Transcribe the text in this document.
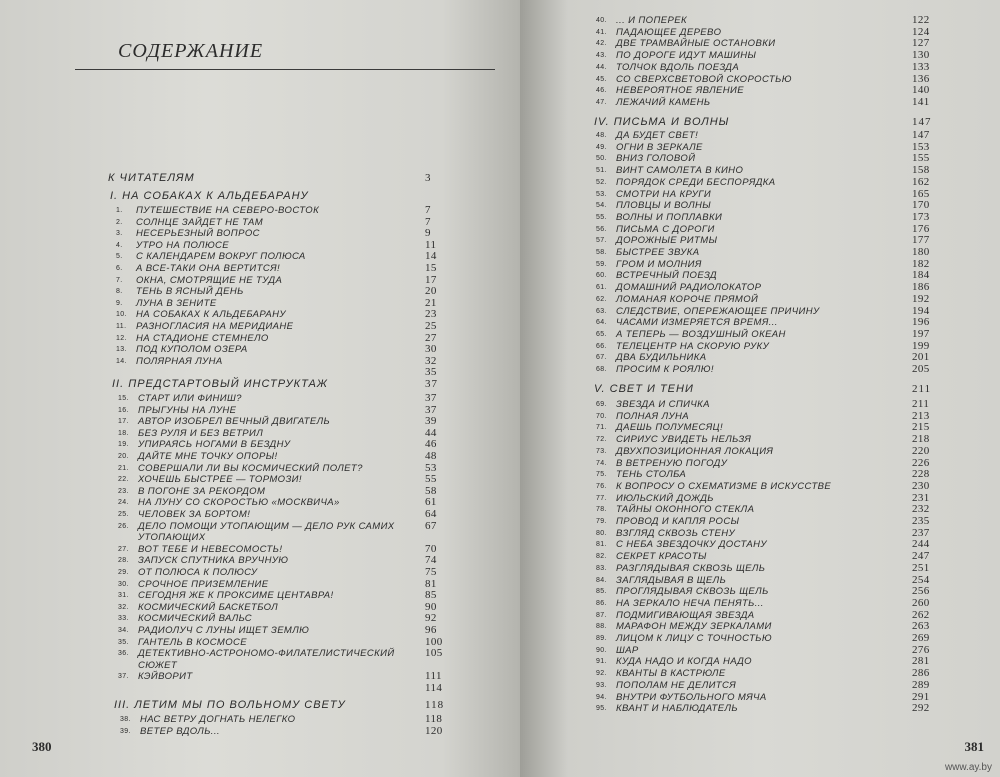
СОДЕРЖАНИЕ
К ЧИТАТЕЛЯМ	3
I. НА СОБАКАХ К АЛЬДЕБАРАНУ
1.	ПУТЕШЕСТВИЕ НА СЕВЕРО-ВОСТОК	7
2.	СОЛНЦЕ ЗАЙДЕТ НЕ ТАМ	7
3.	НЕСЕРЬЕЗНЫЙ ВОПРОС	9
4.	УТРО НА ПОЛЮСЕ	11
5.	С КАЛЕНДАРЕМ ВОКРУГ ПОЛЮСА	14
6.	А ВСЕ-ТАКИ ОНА ВЕРТИТСЯ!	15
7.	ОКНА, СМОТРЯЩИЕ НЕ ТУДА	17
8.	ТЕНЬ В ЯСНЫЙ ДЕНЬ	20
9.	ЛУНА В ЗЕНИТЕ	21
10. НА СОБАКАХ К АЛЬДЕБАРАНУ	23
11.	РАЗНОГЛАСИЯ НА МЕРИДИАНЕ	25
12. НА СТАДИОНЕ СТЕМНЕЛО	27
13. ПОД КУПОЛОМ ОЗЕРА	30
14. ПОЛЯРНАЯ ЛУНА	32
35
II. ПРЕДСТАРТОВЫЙ ИНСТРУКТАЖ	37
15. СТАРТ ИЛИ ФИНИШ?	37
16. ПРЫГУНЫ НА ЛУНЕ	37
17. АВТОР ИЗОБРЕЛ ВЕЧНЫЙ ДВИГАТЕЛЬ	39
18. БЕЗ РУЛЯ И БЕЗ ВЕТРИЛ	44
19. УПИРАЯСЬ НОГАМИ В БЕЗДНУ	46
20. ДАЙТЕ МНЕ ТОЧКУ ОПОРЫ!	48
21. СОВЕРШАЛИ ЛИ ВЫ КОСМИЧЕСКИЙ ПОЛЕТ?	53
22. ХОЧЕШЬ БЫСТРЕЕ — ТОРМОЗИ!	55
23. В ПОГОНЕ ЗА РЕКОРДОМ	58
24. НА ЛУНУ СО СКОРОСТЬЮ «МОСКВИЧА»	61
25. ЧЕЛОВЕК ЗА БОРТОМ!	64
26. ДЕЛО ПОМОЩИ УТОПАЮЩИМ — ДЕЛО РУК САМИХ	67
УТОПАЮЩИХ
27. ВОТ ТЕБЕ И НЕВЕСОМОСТЬ!	70
28. ЗАПУСК СПУТНИКА ВРУЧНУЮ	74
29. ОТ ПОЛЮСА К ПОЛЮСУ	75
30. СРОЧНОЕ ПРИЗЕМЛЕНИЕ	81
31. СЕГОДНЯ ЖЕ К ПРОКСИМЕ ЦЕНТАВРА!	85
32. КОСМИЧЕСКИЙ БАСКЕТБОЛ	90
33. КОСМИЧЕСКИЙ ВАЛЬС	92
34. РАДИОЛУЧ С ЛУНЫ ИЩЕТ ЗЕМЛЮ	96
35. ГАНТЕЛЬ В КОСМОСЕ	100
36. ДЕТЕКТИВНО-АСТРОНОМО-ФИЛАТЕЛИСТИЧЕСКИЙ	105
СЮЖЕТ
37. КЭЙВОРИТ	111
114
III. ЛЕТИМ МЫ ПО ВОЛЬНОМУ СВЕТУ	118
38. НАС ВЕТРУ ДОГНАТЬ НЕЛЕГКО	118
39. ВЕТЕР ВДОЛЬ...	120
380
40. ... И ПОПЕРЕК	122
41. ПАДАЮЩЕЕ ДЕРЕВО	124
42. ДВЕ ТРАМВАЙНЫЕ ОСТАНОВКИ	127
43. ПО ДОРОГЕ ИДУТ МАШИНЫ	130
44. ТОЛЧОК ВДОЛЬ ПОЕЗДА	133
45. СО СВЕРХСВЕТОВОЙ СКОРОСТЬЮ	136
46. НЕВЕРОЯТНОЕ ЯВЛЕНИЕ	140
47. ЛЕЖАЧИЙ КАМЕНЬ	141
IV. ПИСЬМА И ВОЛНЫ	147
48. ДА БУДЕТ СВЕТ!	147
49. ОГНИ В ЗЕРКАЛЕ	153
50. ВНИЗ ГОЛОВОЙ	155
51. ВИНТ САМОЛЕТА В КИНО	158
52. ПОРЯДОК СРЕДИ БЕСПОРЯДКА	162
53. СМОТРИ НА КРУГИ	165
54. ПЛОВЦЫ И ВОЛНЫ	170
55. ВОЛНЫ И ПОПЛАВКИ	173
56. ПИСЬМА С ДОРОГИ	176
57. ДОРОЖНЫЕ РИТМЫ	177
58. БЫСТРЕЕ ЗВУКА	180
59. ГРОМ И МОЛНИЯ	182
60. ВСТРЕЧНЫЙ ПОЕЗД	184
61. ДОМАШНИЙ РАДИОЛОКАТОР	186
62. ЛОМАНАЯ КОРОЧЕ ПРЯМОЙ	192
63. СЛЕДСТВИЕ, ОПЕРЕЖАЮЩЕЕ ПРИЧИНУ	194
64. ЧАСАМИ ИЗМЕРЯЕТСЯ ВРЕМЯ...	196
65. А ТЕПЕРЬ — ВОЗДУШНЫЙ ОКЕАН	197
66. ТЕЛЕЦЕНТР НА СКОРУЮ РУКУ	199
67. ДВА БУДИЛЬНИКА	201
68. ПРОСИМ К РОЯЛЮ!	205
V. СВЕТ И ТЕНИ	211
69. ЗВЕЗДА И СПИЧКА	211
70. ПОЛНАЯ ЛУНА	213
71. ДАЕШЬ ПОЛУМЕСЯЦ!	215
72. СИРИУС УВИДЕТЬ НЕЛЬЗЯ	218
73. ДВУХПОЗИЦИОННАЯ ЛОКАЦИЯ	220
74. В ВЕТРЕНУЮ ПОГОДУ	226
75. ТЕНЬ СТОЛБА	228
76. К ВОПРОСУ О СХЕМАТИЗМЕ В ИСКУССТВЕ	230
77. ИЮЛЬСКИЙ ДОЖДЬ	231
78. ТАЙНЫ ОКОННОГО СТЕКЛА	232
79. ПРОВОД И КАПЛЯ РОСЫ	235
80. ВЗГЛЯД СКВОЗЬ СТЕНУ	237
81. С НЕБА ЗВЕЗДОЧКУ ДОСТАНУ	244
82. СЕКРЕТ КРАСОТЫ	247
83. РАЗГЛЯДЫВАЯ СКВОЗЬ ЩЕЛЬ	251
84. ЗАГЛЯДЫВАЯ В ЩЕЛЬ	254
85. ПРОГЛЯДЫВАЯ СКВОЗЬ ЩЕЛЬ	256
86. НА ЗЕРКАЛО НЕЧА ПЕНЯТЬ...	260
87. ПОДМИГИВАЮЩАЯ ЗВЕЗДА	262
88. МАРАФОН МЕЖДУ ЗЕРКАЛАМИ	263
89. ЛИЦОМ К ЛИЦУ С ТОЧНОСТЬЮ	269
90. ШАР	276
91. КУДА НАДО И КОГДА НАДО	281
92. КВАНТЫ В КАСТРЮЛЕ	286
93. ПОПОЛАМ НЕ ДЕЛИТСЯ	289
94. ВНУТРИ ФУТБОЛЬНОГО МЯЧА	291
95. КВАНТ И НАБЛЮДАТЕЛЬ	292
381
www.ay.by
